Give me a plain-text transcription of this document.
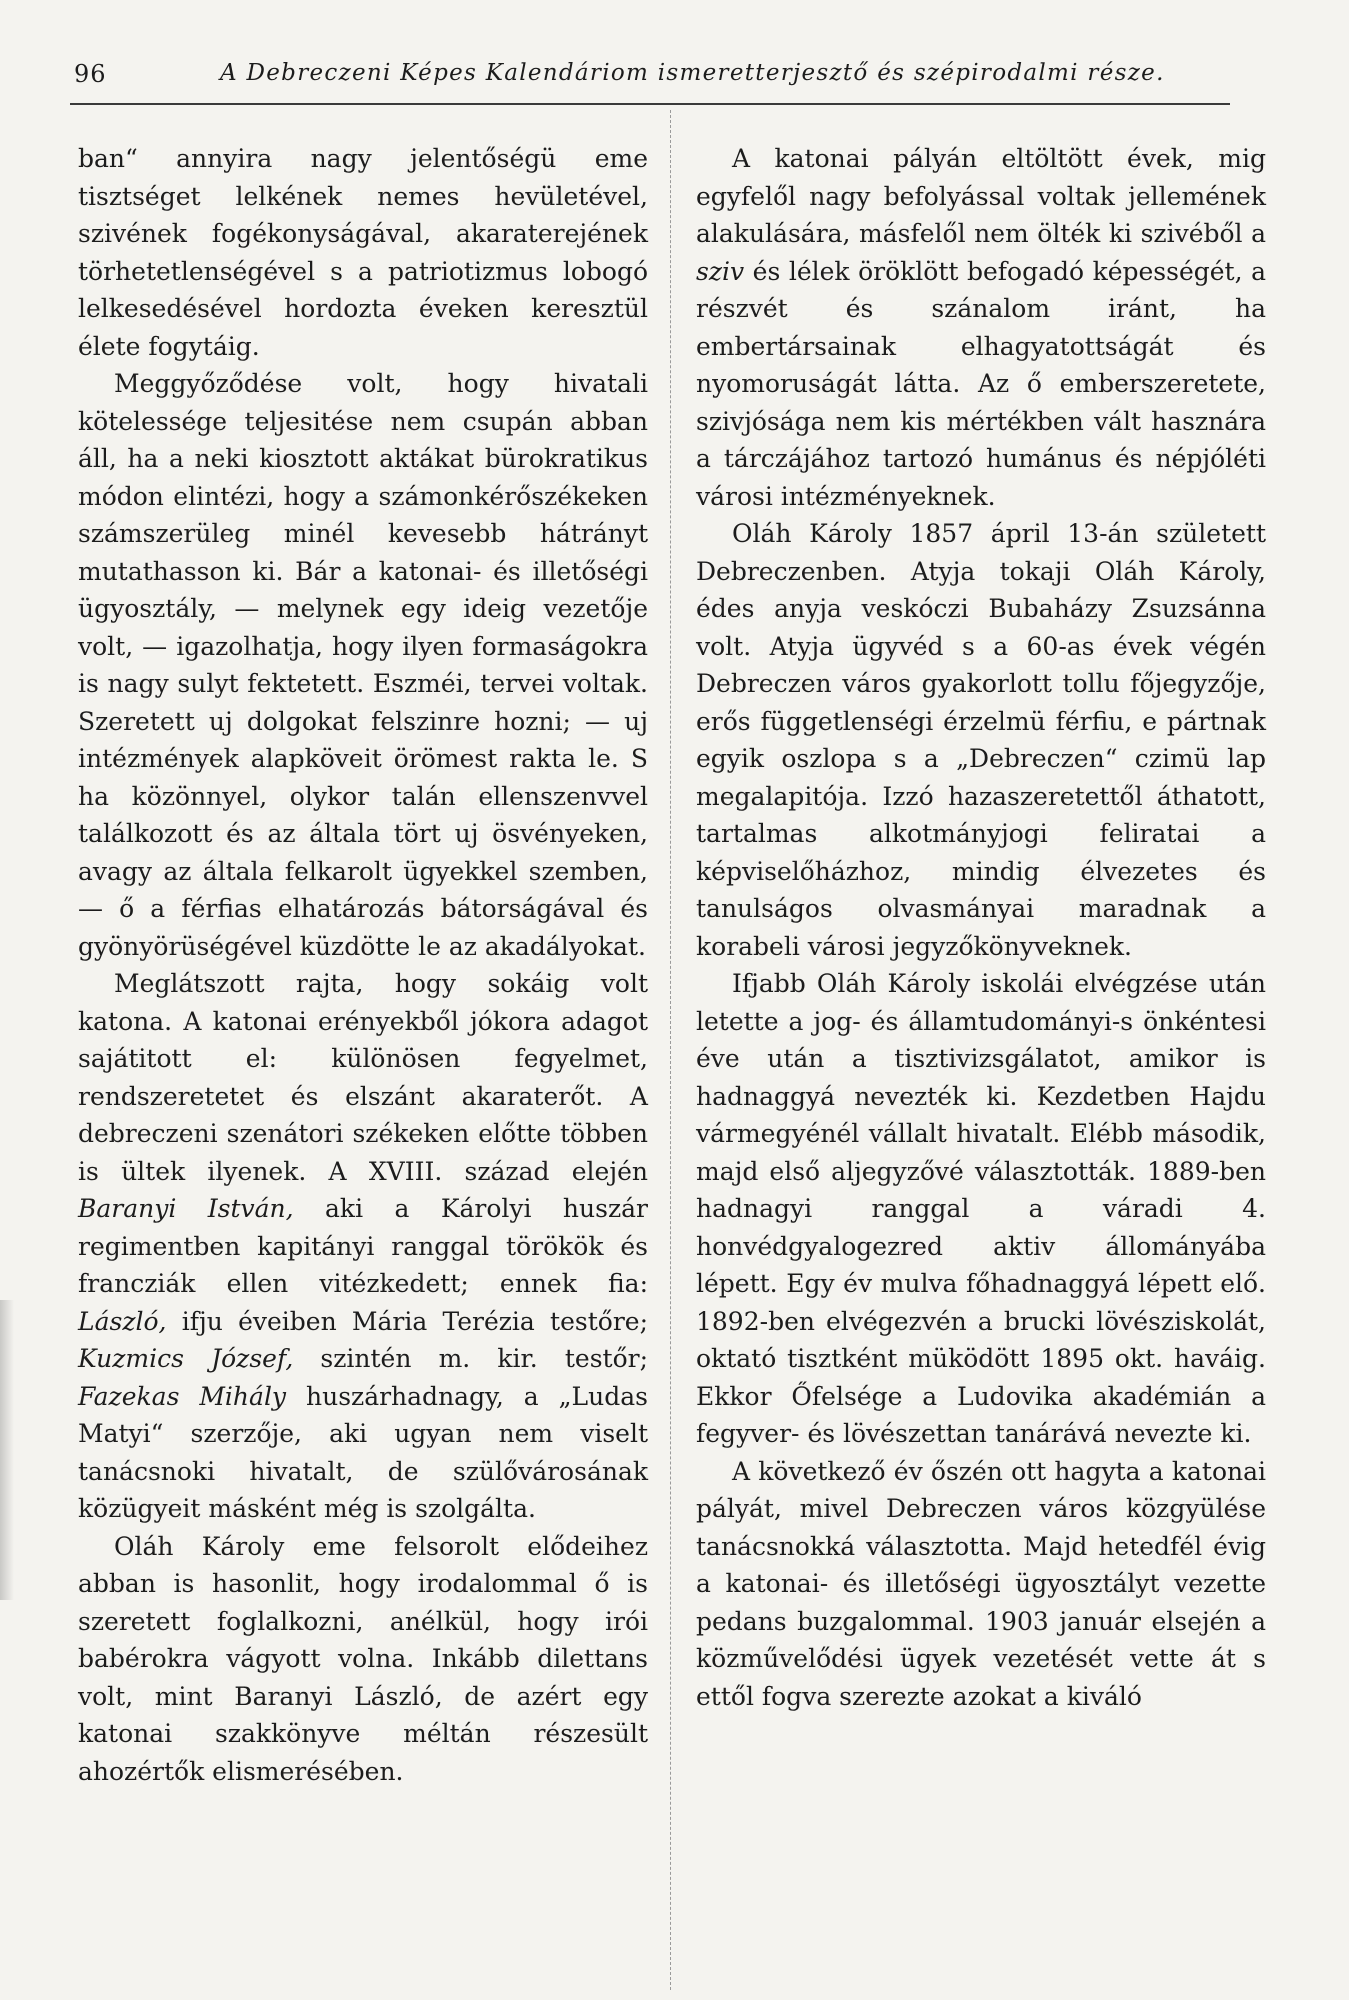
96	A Debreczeni Képes Kalendáriom ismeretterjesztő és szépirodalmi része.

ban“ annyira nagy jelentőségü eme tisztséget lelkének nemes hevületével, szivének fogékonyságával, akaraterejének törhetetlenségével s a patriotizmus lobogó lelkesedésével hordozta éveken keresztül élete fogytáig.

Meggyőződése volt, hogy hivatali kötelessége teljesitése nem csupán abban áll, ha a neki kiosztott aktákat bürokratikus módon elintézi, hogy a számonkérőszékeken számszerüleg minél kevesebb hátrányt mutathasson ki. Bár a katonai- és illetőségi ügyosztály, — melynek egy ideig vezetője volt, — igazolhatja, hogy ilyen formaságokra is nagy sulyt fektetett. Eszméi, tervei voltak. Szeretett uj dolgokat felszinre hozni; — uj intézmények alapköveit örömest rakta le. S ha közönnyel, olykor talán ellenszenvvel találkozott és az általa tört uj ösvényeken, avagy az általa felkarolt ügyekkel szemben, — ő a férfias elhatározás bátorságával és gyönyörüségével küzdötte le az akadályokat.

Meglátszott rajta, hogy sokáig volt katona. A katonai erényekből jókora adagot sajátitott el: különösen fegyelmet, rendszeretetet és elszánt akaraterőt. A debreczeni szenátori székeken előtte többen is ültek ilyenek. A XVIII. század elején Baranyi István, aki a Károlyi huszár regimentben kapitányi ranggal törökök és francziák ellen vitézkedett; ennek fia: László, ifju éveiben Mária Terézia testőre; Kuzmics József, szintén m. kir. testőr; Fazekas Mihály huszárhadnagy, a „Ludas Matyi“ szerzője, aki ugyan nem viselt tanácsnoki hivatalt, de szülővárosának közügyeit másként még is szolgálta.

Oláh Károly eme felsorolt elődeihez abban is hasonlit, hogy irodalommal ő is szeretett foglalkozni, anélkül, hogy irói babérokra vágyott volna. Inkább dilettans volt, mint Baranyi László, de azért egy katonai szakkönyve méltán részesült ahozértők elismerésében.

A katonai pályán eltöltött évek, mig egyfelől nagy befolyással voltak jellemének alakulására, másfelől nem ölték ki szivéből a sziv és lélek öröklött befogadó képességét, a részvét és szánalom iránt, ha embertársainak elhagyatottságát és nyomoruságát látta. Az ő emberszeretete, szivjósága nem kis mértékben vált hasznára a tárczájához tartozó humánus és népjóléti városi intézményeknek.

Oláh Károly 1857 ápril 13-án született Debreczenben. Atyja tokaji Oláh Károly, édes anyja veskóczi Bubaházy Zsuzsánna volt. Atyja ügyvéd s a 60-as évek végén Debreczen város gyakorlott tollu főjegyzője, erős függetlenségi érzelmü férfiu, e pártnak egyik oszlopa s a „Debreczen“ czimü lap megalapitója. Izzó hazaszeretettől áthatott, tartalmas alkotmányjogi feliratai a képviselőházhoz, mindig élvezetes és tanulságos olvasmányai maradnak a korabeli városi jegyzőkönyveknek.

Ifjabb Oláh Károly iskolái elvégzése után letette a jog- és államtudományi-s önkéntesi éve után a tisztivizsgálatot, amikor is hadnaggyá nevezték ki. Kezdetben Hajdu vármegyénél vállalt hivatalt. Elébb második, majd első aljegyzővé választották. 1889-ben hadnagyi ranggal a váradi 4. honvédgyalogezred aktiv állományába lépett. Egy év mulva főhadnaggyá lépett elő. 1892-ben elvégezvén a brucki lövésziskolát, oktató tisztként müködött 1895 okt. haváig. Ekkor Őfelsége a Ludovika akadémián a fegyver- és lövészettan tanárává nevezte ki.

A következő év őszén ott hagyta a katonai pályát, mivel Debreczen város közgyülése tanácsnokká választotta. Majd hetedfél évig a katonai- és illetőségi ügyosztályt vezette pedans buzgalommal. 1903 január elsején a közművelődési ügyek vezetését vette át s ettől fogva szerezte azokat a kiváló
